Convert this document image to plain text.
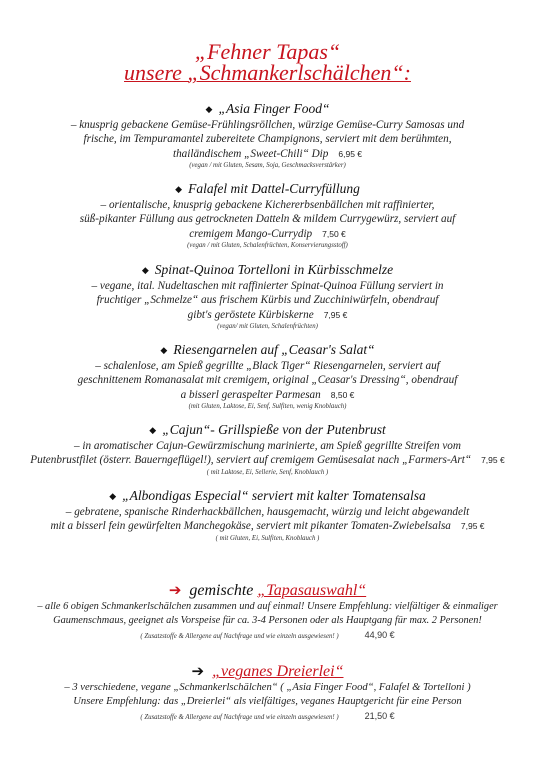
„Fehner Tapas“
unsere „Schmankerlschälchen“:
◆ „Asia Finger Food“
– knusprig gebackene Gemüse-Frühlingsröllchen, würzige Gemüse-Curry Samosas und
frische, im Tempuramantel zubereitete Champignons, serviert mit dem berühmten,
thailändischem „Sweet-Chili“ Dip 6,95 €
(vegan / mit Gluten, Sesam, Soja, Geschmacksverstärker)
◆ Falafel mit Dattel-Curryfüllung
– orientalische, knusprig gebackene Kichererbsenbällchen mit raffinierter,
süß-pikanter Füllung aus getrockneten Datteln & mildem Currygewürz, serviert auf
cremigem Mango-Currydip 7,50 €
(vegan / mit Gluten, Schalenfrüchten, Konservierungsstoff)
◆ Spinat-Quinoa Tortelloni in Kürbisschmelze
– vegane, ital. Nudeltaschen mit raffinierter Spinat-Quinoa Füllung serviert in
fruchtiger „Schmelze“ aus frischem Kürbis und Zucchiniwürfeln, obendrauf
gibt's geröstete Kürbiskerne 7,95 €
(vegan/ mit Gluten, Schalenfrüchten)
◆ Riesengarnelen auf „Ceasar's Salat“
– schalenlose, am Spieß gegrillte „Black Tiger“ Riesengarnelen, serviert auf
geschnittenem Romanasalat mit cremigem, original „Ceasar's Dressing“, obendrauf
a bisserl geraspelter Parmesan 8,50 €
(mit Gluten, Laktose, Ei, Senf, Sulfiten, wenig Knoblauch)
◆ „Cajun“- Grillspieße von der Putenbrust
– in aromatischer Cajun-Gewürzmischung marinierte, am Spieß gegrillte Streifen vom
Putenbrustfilet (österr. Bauerngeflügel!), serviert auf cremigem Gemüsesalat nach „Farmers-Art“ 7,95 €
( mit Laktose, Ei, Sellerie, Senf, Knoblauch )
◆ „Albondigas Especial“ serviert mit kalter Tomatensalsa
– gebratene, spanische Rinderhackbällchen, hausgemacht, würzig und leicht abgewandelt
mit a bisserl fein gewürfelten Manchegokäse, serviert mit pikanter Tomaten-Zwiebelsalsa 7,95 €
( mit Gluten, Ei, Sulfiten, Knoblauch )
➔ gemischte „Tapasauswahl“
– alle 6 obigen Schmankerlschälchen zusammen und auf einmal! Unsere Empfehlung: vielfältiger & einmaliger
Gaumenschmaus, geeignet als Vorspeise für ca. 3-4 Personen oder als Hauptgang für max. 2 Personen!
( Zusatzstoffe & Allergene auf Nachfrage und wie einzeln ausgewiesen! )	44,90 €
➔ „veganes Dreierlei“
– 3 verschiedene, vegane „Schmankerlschälchen“ ( „Asia Finger Food“, Falafel & Tortelloni )
Unsere Empfehlung: das „Dreierlei“ als vielfältiges, veganes Hauptgericht für eine Person
( Zusatzstoffe & Allergene auf Nachfrage und wie einzeln ausgewiesen! )	21,50 €
